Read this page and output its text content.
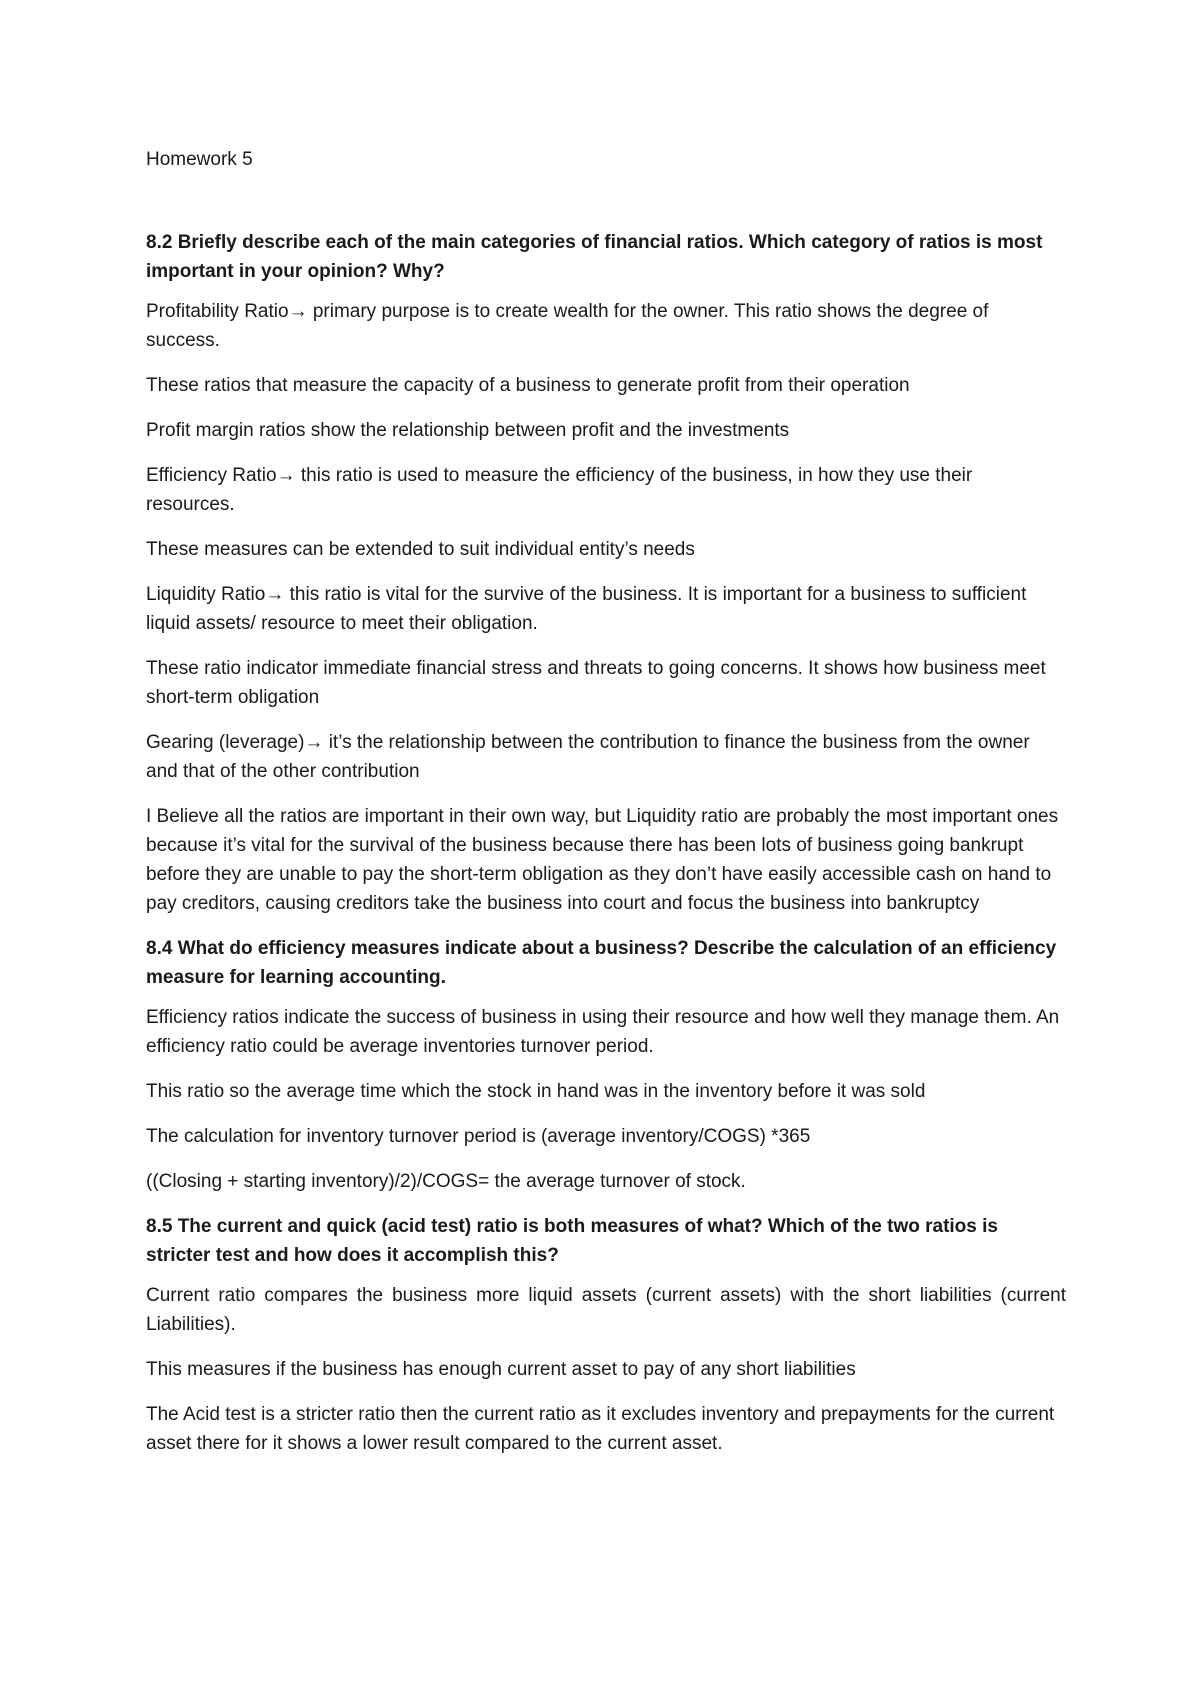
Homework 5
8.2 Briefly describe each of the main categories of financial ratios. Which category of ratios is most important in your opinion? Why?

Profitability Ratio→ primary purpose is to create wealth for the owner. This ratio shows the degree of success.

These ratios that measure the capacity of a business to generate profit from their operation

Profit margin ratios show the relationship between profit and the investments

Efficiency Ratio→ this ratio is used to measure the efficiency of the business, in how they use their resources.

These measures can be extended to suit individual entity’s needs

Liquidity Ratio→ this ratio is vital for the survive of the business. It is important for a business to sufficient liquid assets/ resource to meet their obligation.

These ratio indicator immediate financial stress and threats to going concerns. It shows how business meet short-term obligation

Gearing (leverage)→ it’s the relationship between the contribution to finance the business from the owner and that of the other contribution

I Believe all the ratios are important in their own way, but Liquidity ratio are probably the most important ones because it’s vital for the survival of the business because there has been lots of business going bankrupt before they are unable to pay the short-term obligation as they don’t have easily accessible cash on hand to pay creditors, causing creditors take the business into court and focus the business into bankruptcy

8.4 What do efficiency measures indicate about a business? Describe the calculation of an efficiency measure for learning accounting.

Efficiency ratios indicate the success of business in using their resource and how well they manage them. An efficiency ratio could be average inventories turnover period.

This ratio so the average time which the stock in hand was in the inventory before it was sold

The calculation for inventory turnover period is (average inventory/COGS) *365

((Closing + starting inventory)/2)/COGS= the average turnover of stock.

8.5 The current and quick (acid test) ratio is both measures of what? Which of the two ratios is stricter test and how does it accomplish this?

Current ratio compares the business more liquid assets (current assets) with the short liabilities (current Liabilities).

This measures if the business has enough current asset to pay of any short liabilities

The Acid test is a stricter ratio then the current ratio as it excludes inventory and prepayments for the current asset there for it shows a lower result compared to the current asset.
